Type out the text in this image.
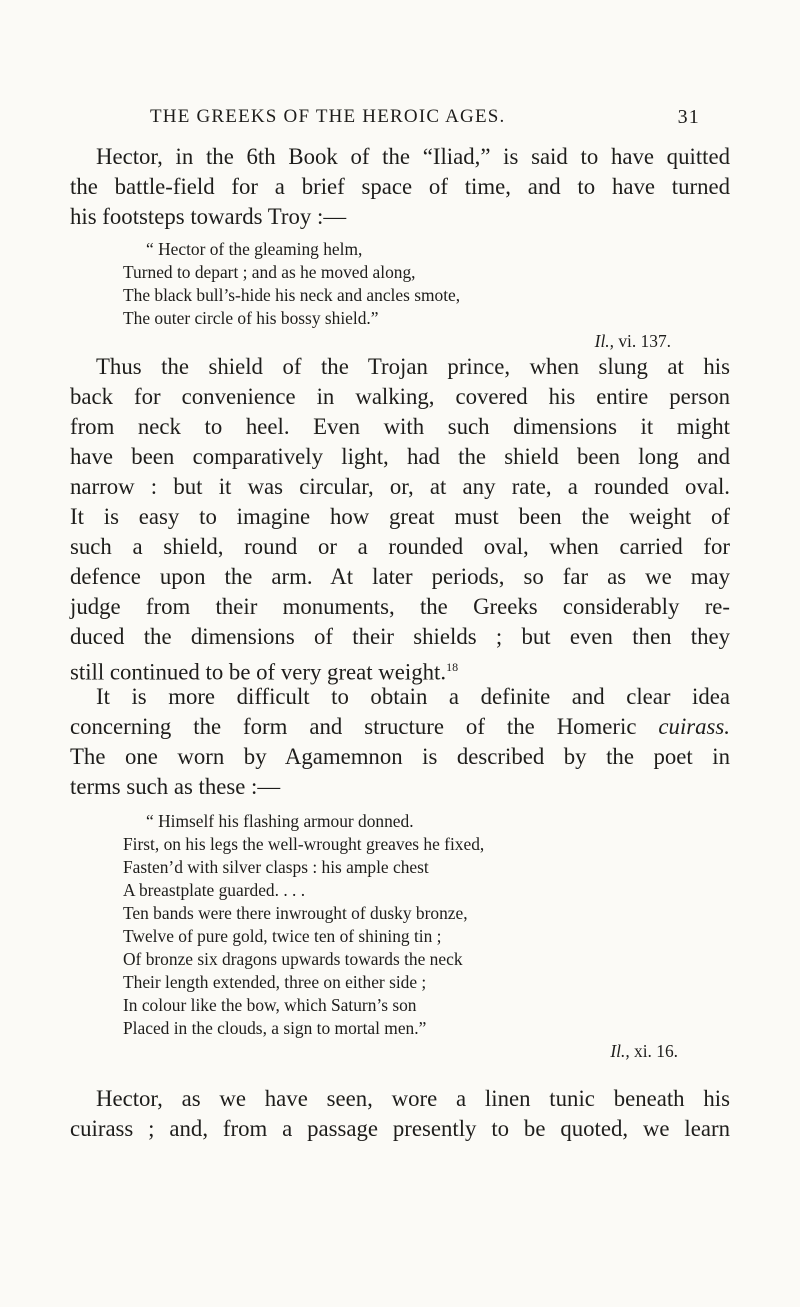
THE GREEKS OF THE HEROIC AGES.	31
Hector, in the 6th Book of the “Iliad,” is said to have quitted
the battle-field for a brief space of time, and to have turned
his footsteps towards Troy :—
“ Hector of the gleaming helm,
Turned to depart ; and as he moved along,
The black bull’s-hide his neck and ancles smote,
The outer circle of his bossy shield.”
Il., vi. 137.
Thus the shield of the Trojan prince, when slung at his
back for convenience in walking, covered his entire person
from neck to heel. Even with such dimensions it might
have been comparatively light, had the shield been long and
narrow : but it was circular, or, at any rate, a rounded oval.
It is easy to imagine how great must been the weight of
such a shield, round or a rounded oval, when carried for
defence upon the arm. At later periods, so far as we may
judge from their monuments, the Greeks considerably re-
duced the dimensions of their shields ; but even then they
still continued to be of very great weight.$^{18}$
It is more difficult to obtain a definite and clear idea
concerning the form and structure of the Homeric cuirass.
The one worn by Agamemnon is described by the poet in
terms such as these :—
“ Himself his flashing armour donned.
First, on his legs the well-wrought greaves he fixed,
Fasten’d with silver clasps : his ample chest
A breastplate guarded. . . .
Ten bands were there inwrought of dusky bronze,
Twelve of pure gold, twice ten of shining tin ;
Of bronze six dragons upwards towards the neck
Their length extended, three on either side ;
In colour like the bow, which Saturn’s son
Placed in the clouds, a sign to mortal men.”
Il., xi. 16.
Hector, as we have seen, wore a linen tunic beneath his
cuirass ; and, from a passage presently to be quoted, we learn
